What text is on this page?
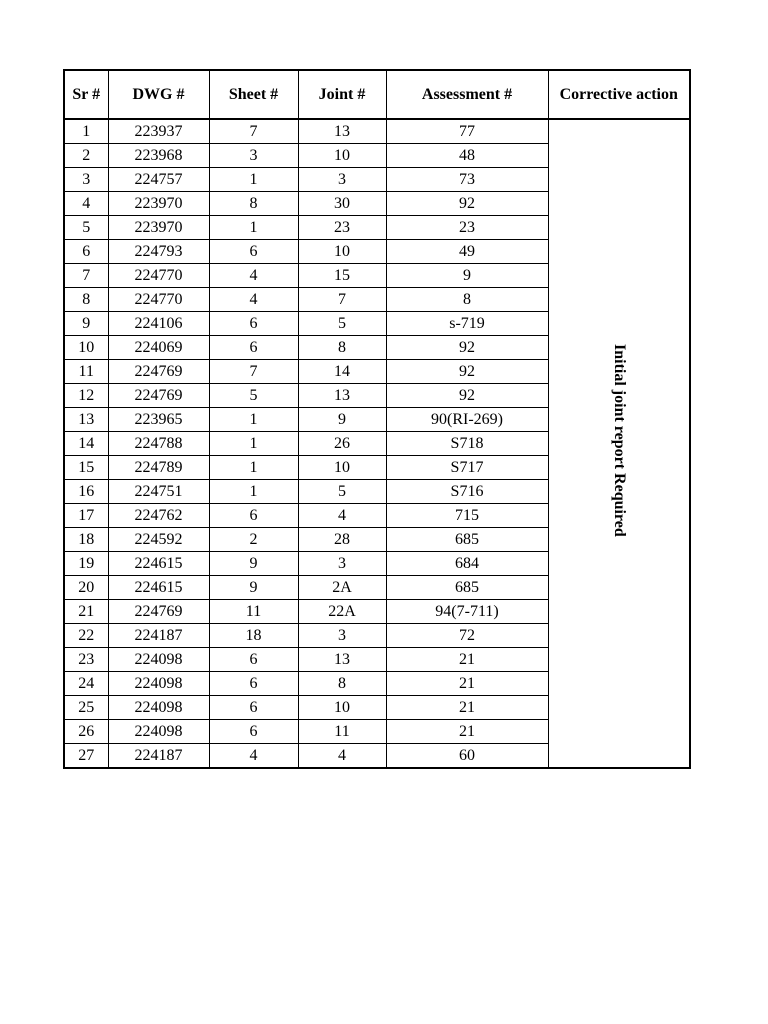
Sr #	DWG #	Sheet #	Joint #	Assessment #	Corrective action
1	223937	7	13	77	Initial joint report Required
2	223968	3	10	48	
3	224757	1	3	73	
4	223970	8	30	92	
5	223970	1	23	23	
6	224793	6	10	49	
7	224770	4	15	9	
8	224770	4	7	8	
9	224106	6	5	s-719	
10	224069	6	8	92	
11	224769	7	14	92	
12	224769	5	13	92	
13	223965	1	9	90(RI-269)	
14	224788	1	26	S718	
15	224789	1	10	S717	
16	224751	1	5	S716	
17	224762	6	4	715	
18	224592	2	28	685	
19	224615	9	3	684	
20	224615	9	2A	685	
21	224769	11	22A	94(7-711)	
22	224187	18	3	72	
23	224098	6	13	21	
24	224098	6	8	21	
25	224098	6	10	21	
26	224098	6	11	21	
27	224187	4	4	60	
